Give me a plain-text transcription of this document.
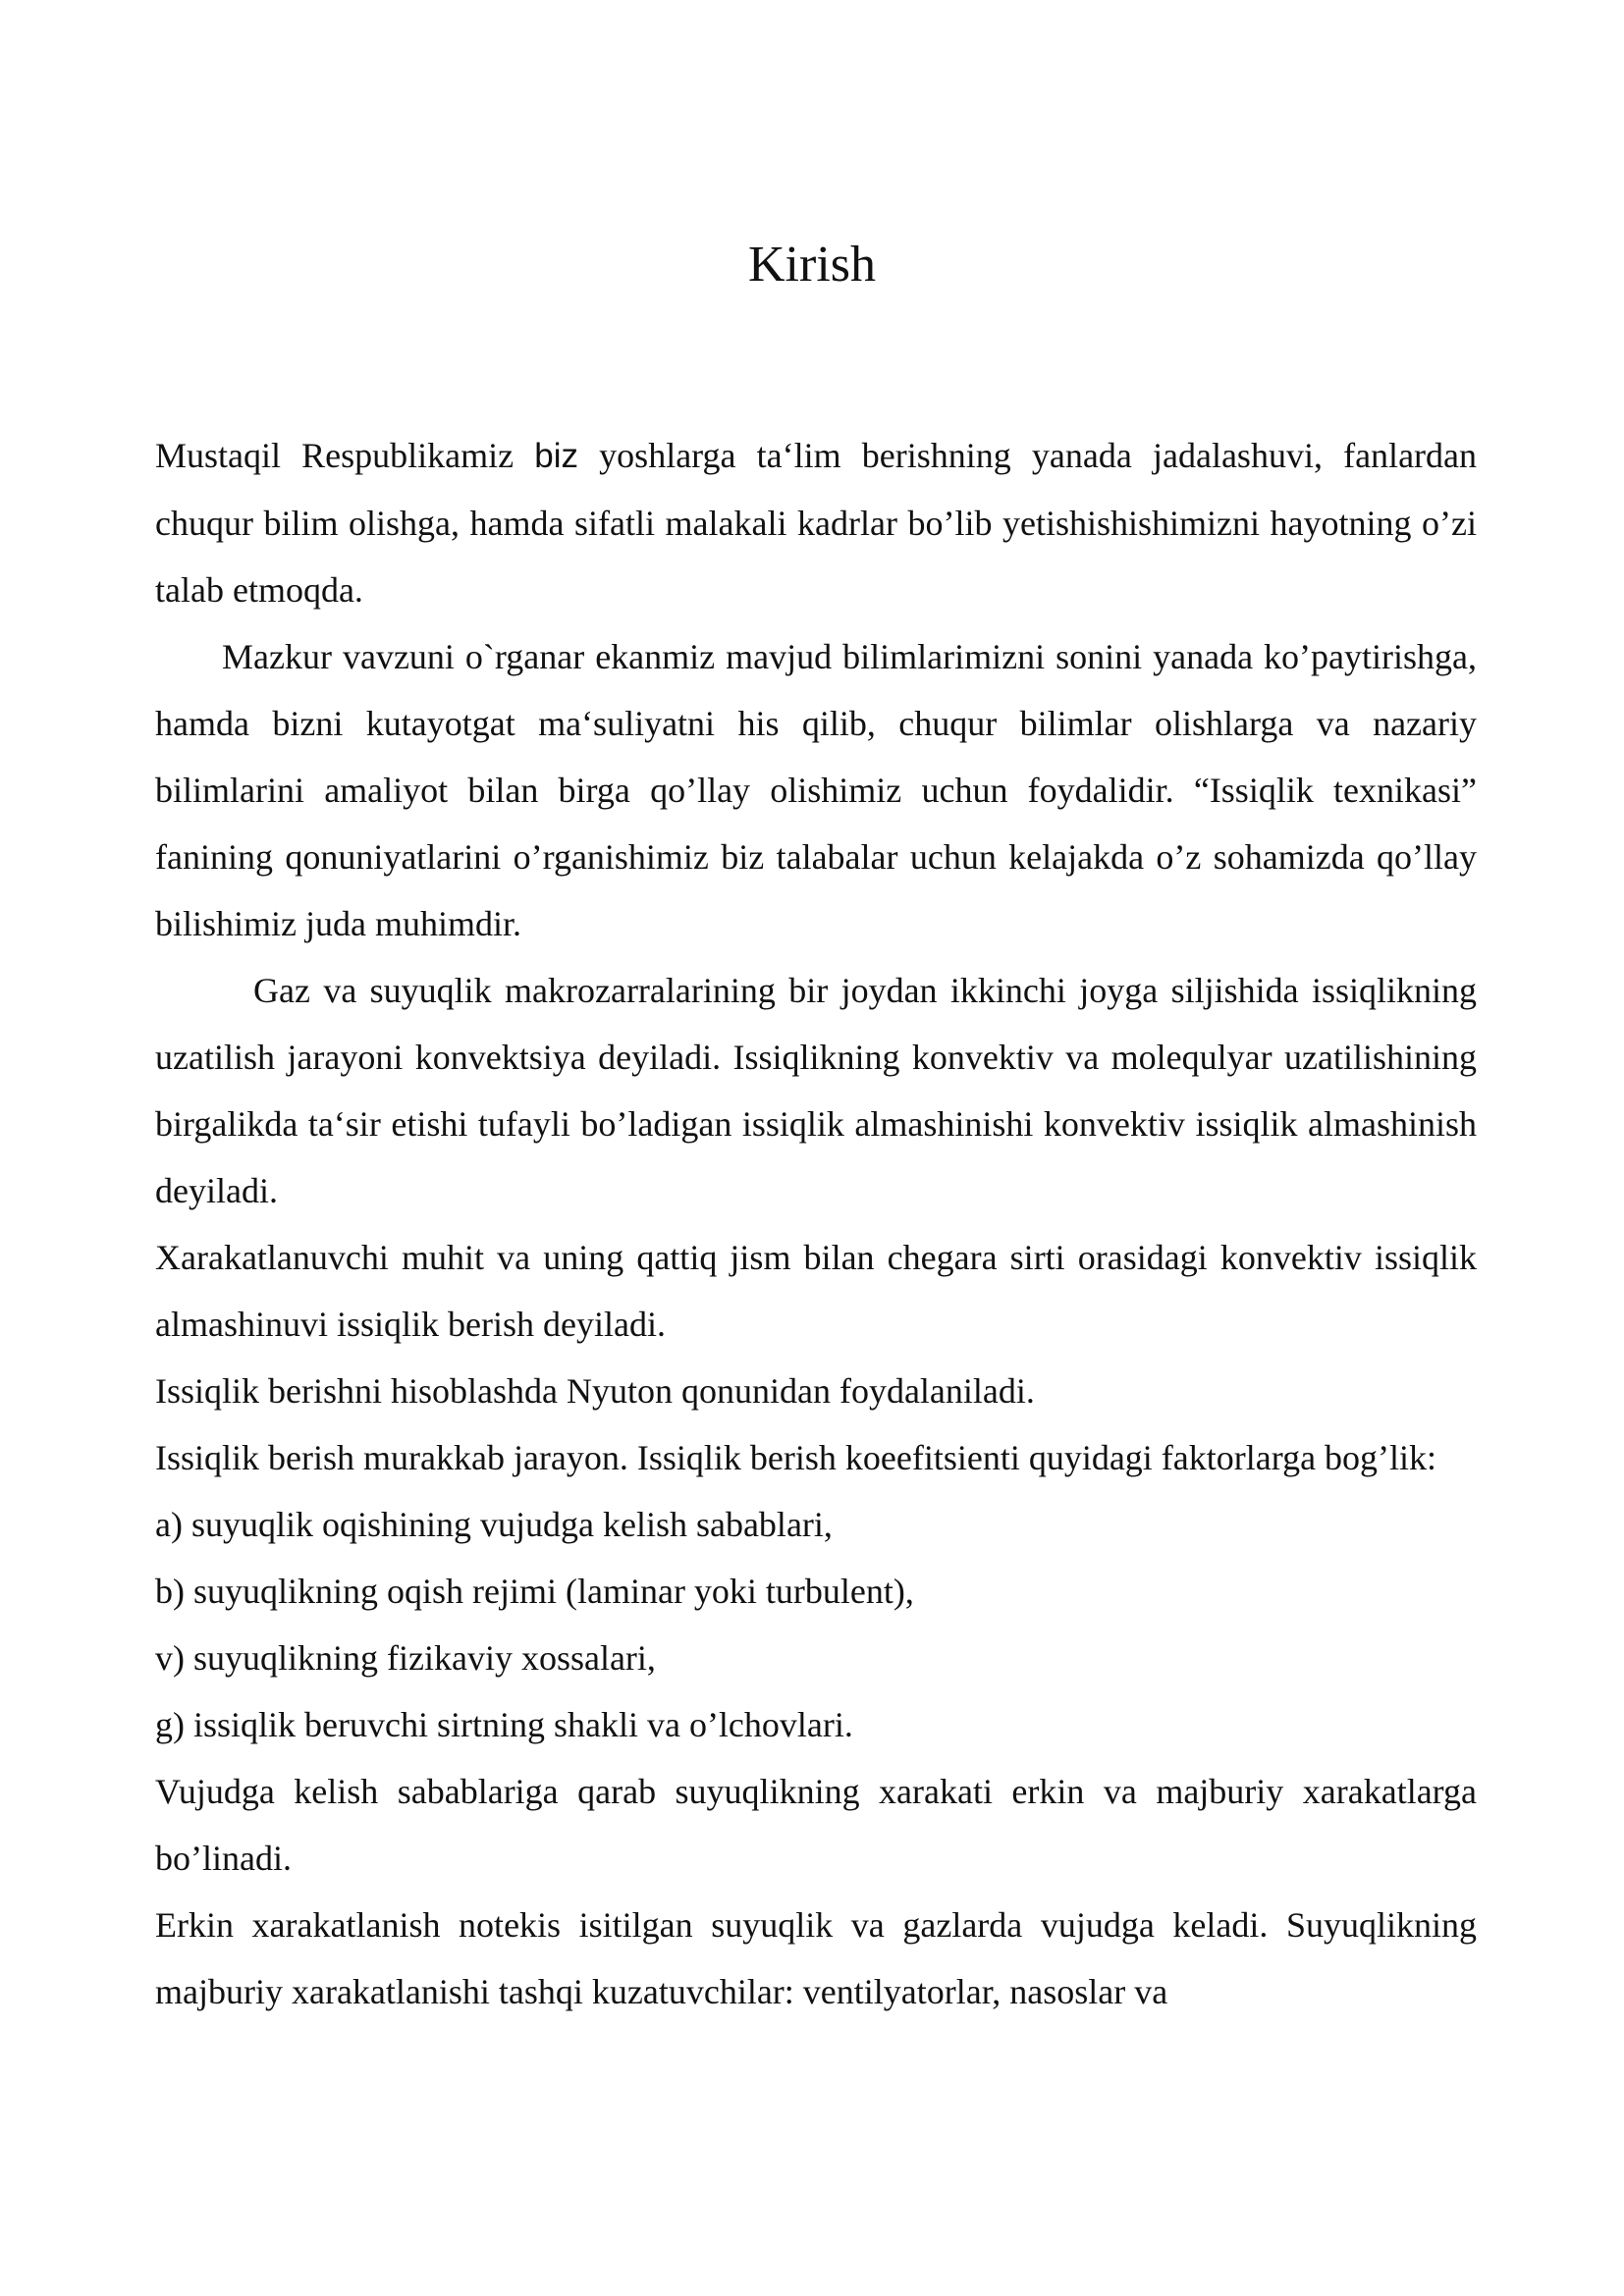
Kirish

Mustaqil Respublikamiz biz yoshlarga ta‘lim berishning yanada jadalashuvi, fanlardan chuqur bilim olishga, hamda sifatli malakali kadrlar bo’lib yetishishishimizni hayotning o’zi talab etmoqda.

Mazkur vavzuni o`rganar ekanmiz mavjud bilimlarimizni sonini yanada ko’paytirishga, hamda bizni kutayotgat ma‘suliyatni his qilib, chuqur bilimlar olishlarga va nazariy bilimlarini amaliyot bilan birga qo’llay olishimiz uchun foydalidir. “Issiqlik texnikasi” fanining qonuniyatlarini o’rganishimiz biz talabalar uchun kelajakda o’z sohamizda qo’llay bilishimiz juda muhimdir.

Gaz va suyuqlik makrozarralarining bir joydan ikkinchi joyga siljishida issiqlikning uzatilish jarayoni konvektsiya deyiladi. Issiqlikning konvektiv va molequlyar uzatilishining birgalikda ta‘sir etishi tufayli bo’ladigan issiqlik almashinishi konvektiv issiqlik almashinish deyiladi.

Xarakatlanuvchi muhit va uning qattiq jism bilan chegara sirti orasidagi konvektiv issiqlik almashinuvi issiqlik berish deyiladi.

Issiqlik berishni hisoblashda Nyuton qonunidan foydalaniladi.

Issiqlik berish murakkab jarayon. Issiqlik berish koeefitsienti quyidagi faktorlarga bog’lik:

a) suyuqlik oqishining vujudga kelish sabablari,

b) suyuqlikning oqish rejimi (laminar yoki turbulent),

v) suyuqlikning fizikaviy xossalari,

g) issiqlik beruvchi sirtning shakli va o’lchovlari.

Vujudga kelish sabablariga qarab suyuqlikning xarakati erkin va majburiy xarakatlarga bo’linadi.

Erkin xarakatlanish notekis isitilgan suyuqlik va gazlarda vujudga keladi. Suyuqlikning majburiy xarakatlanishi tashqi kuzatuvchilar: ventilyatorlar, nasoslar va
